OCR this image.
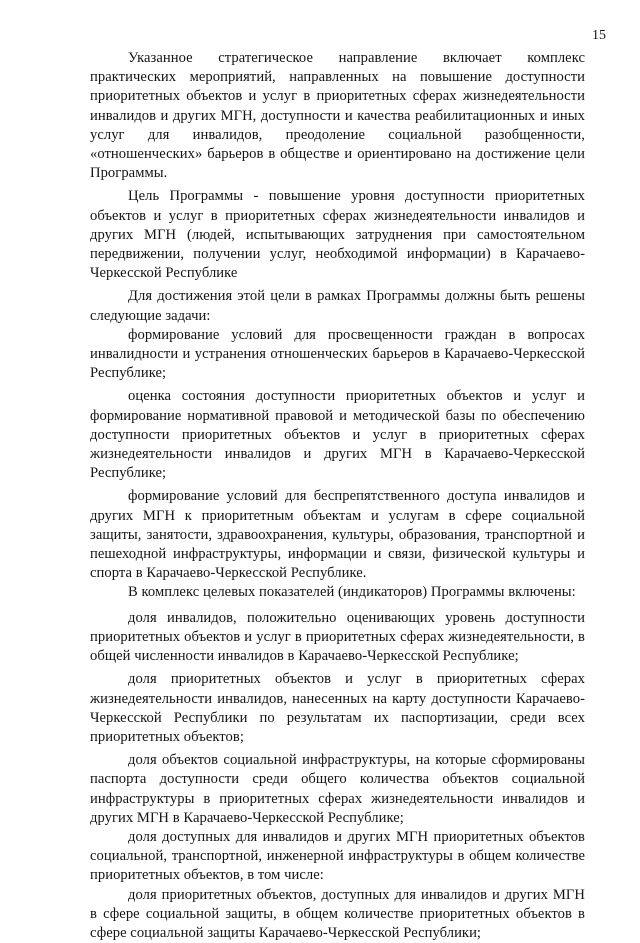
15

Указанное стратегическое направление включает комплекс практических мероприятий, направленных на повышение доступности приоритетных объектов и услуг в приоритетных сферах жизнедеятельности инвалидов и других МГН, доступности и качества реабилитационных и иных услуг для инвалидов, преодоление социальной разобщенности, «отношенческих» барьеров в обществе и ориентировано на достижение цели Программы.

Цель Программы - повышение уровня доступности приоритетных объектов и услуг в приоритетных сферах жизнедеятельности инвалидов и других МГН (людей, испытывающих затруднения при самостоятельном передвижении, получении услуг, необходимой информации) в Карачаево-Черкесской Республике

Для достижения этой цели в рамках Программы должны быть решены следующие задачи:

формирование условий для просвещенности граждан в вопросах инвалидности и устранения отношенческих барьеров в Карачаево-Черкесской Республике;

оценка состояния доступности приоритетных объектов и услуг и формирование нормативной правовой и методической базы по обеспечению доступности приоритетных объектов и услуг в приоритетных сферах жизнедеятельности инвалидов и других МГН в Карачаево-Черкесской Республике;

формирование условий для беспрепятственного доступа инвалидов и других МГН к приоритетным объектам и услугам в сфере социальной защиты, занятости, здравоохранения, культуры, образования, транспортной и пешеходной инфраструктуры, информации и связи, физической культуры и спорта в Карачаево-Черкесской Республике.

В комплекс целевых показателей (индикаторов) Программы включены:

доля инвалидов, положительно оценивающих уровень доступности приоритетных объектов и услуг в приоритетных сферах жизнедеятельности, в общей численности инвалидов в Карачаево-Черкесской Республике;

доля приоритетных объектов и услуг в приоритетных сферах жизнедеятельности инвалидов, нанесенных на карту доступности Карачаево-Черкесской Республики по результатам их паспортизации, среди всех приоритетных объектов;

доля объектов социальной инфраструктуры, на которые сформированы паспорта доступности среди общего количества объектов социальной инфраструктуры в приоритетных сферах жизнедеятельности инвалидов и других МГН в Карачаево-Черкесской Республике;

доля доступных для инвалидов и других МГН приоритетных объектов социальной, транспортной, инженерной инфраструктуры в общем количестве приоритетных объектов, в том числе:

доля приоритетных объектов, доступных для инвалидов и других МГН в сфере социальной защиты, в общем количестве приоритетных объектов в сфере социальной защиты Карачаево-Черкесской Республики;
